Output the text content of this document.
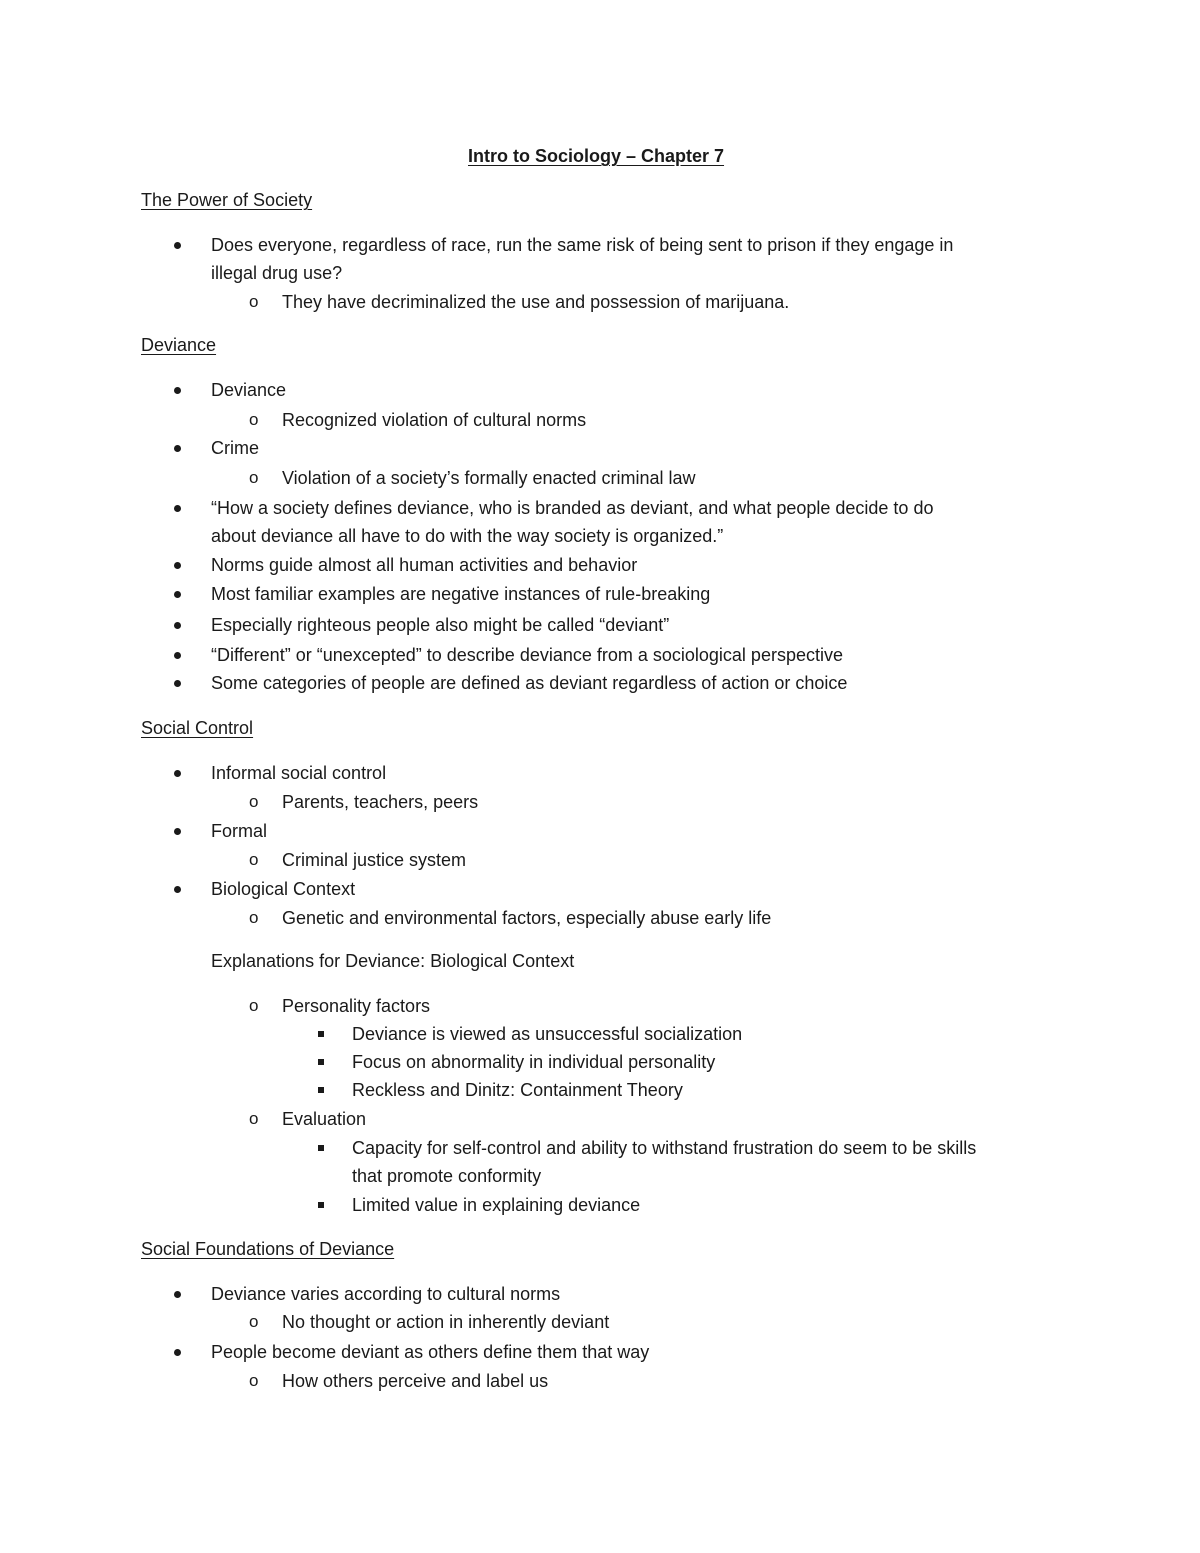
Intro to Sociology – Chapter 7
The Power of Society
Does everyone, regardless of race, run the same risk of being sent to prison if they engage in
illegal drug use?
o They have decriminalized the use and possession of marijuana.
Deviance
Deviance
o Recognized violation of cultural norms
Crime
o Violation of a society’s formally enacted criminal law
“How a society defines deviance, who is branded as deviant, and what people decide to do
about deviance all have to do with the way society is organized.”
Norms guide almost all human activities and behavior
Most familiar examples are negative instances of rule-breaking
Especially righteous people also might be called “deviant”
“Different” or “unexcepted” to describe deviance from a sociological perspective
Some categories of people are defined as deviant regardless of action or choice
Social Control
Informal social control
o Parents, teachers, peers
Formal
o Criminal justice system
Biological Context
o Genetic and environmental factors, especially abuse early life
Explanations for Deviance: Biological Context
o Personality factors
Deviance is viewed as unsuccessful socialization
Focus on abnormality in individual personality
Reckless and Dinitz: Containment Theory
o Evaluation
Capacity for self-control and ability to withstand frustration do seem to be skills
that promote conformity
Limited value in explaining deviance
Social Foundations of Deviance
Deviance varies according to cultural norms
o No thought or action in inherently deviant
People become deviant as others define them that way
o How others perceive and label us
